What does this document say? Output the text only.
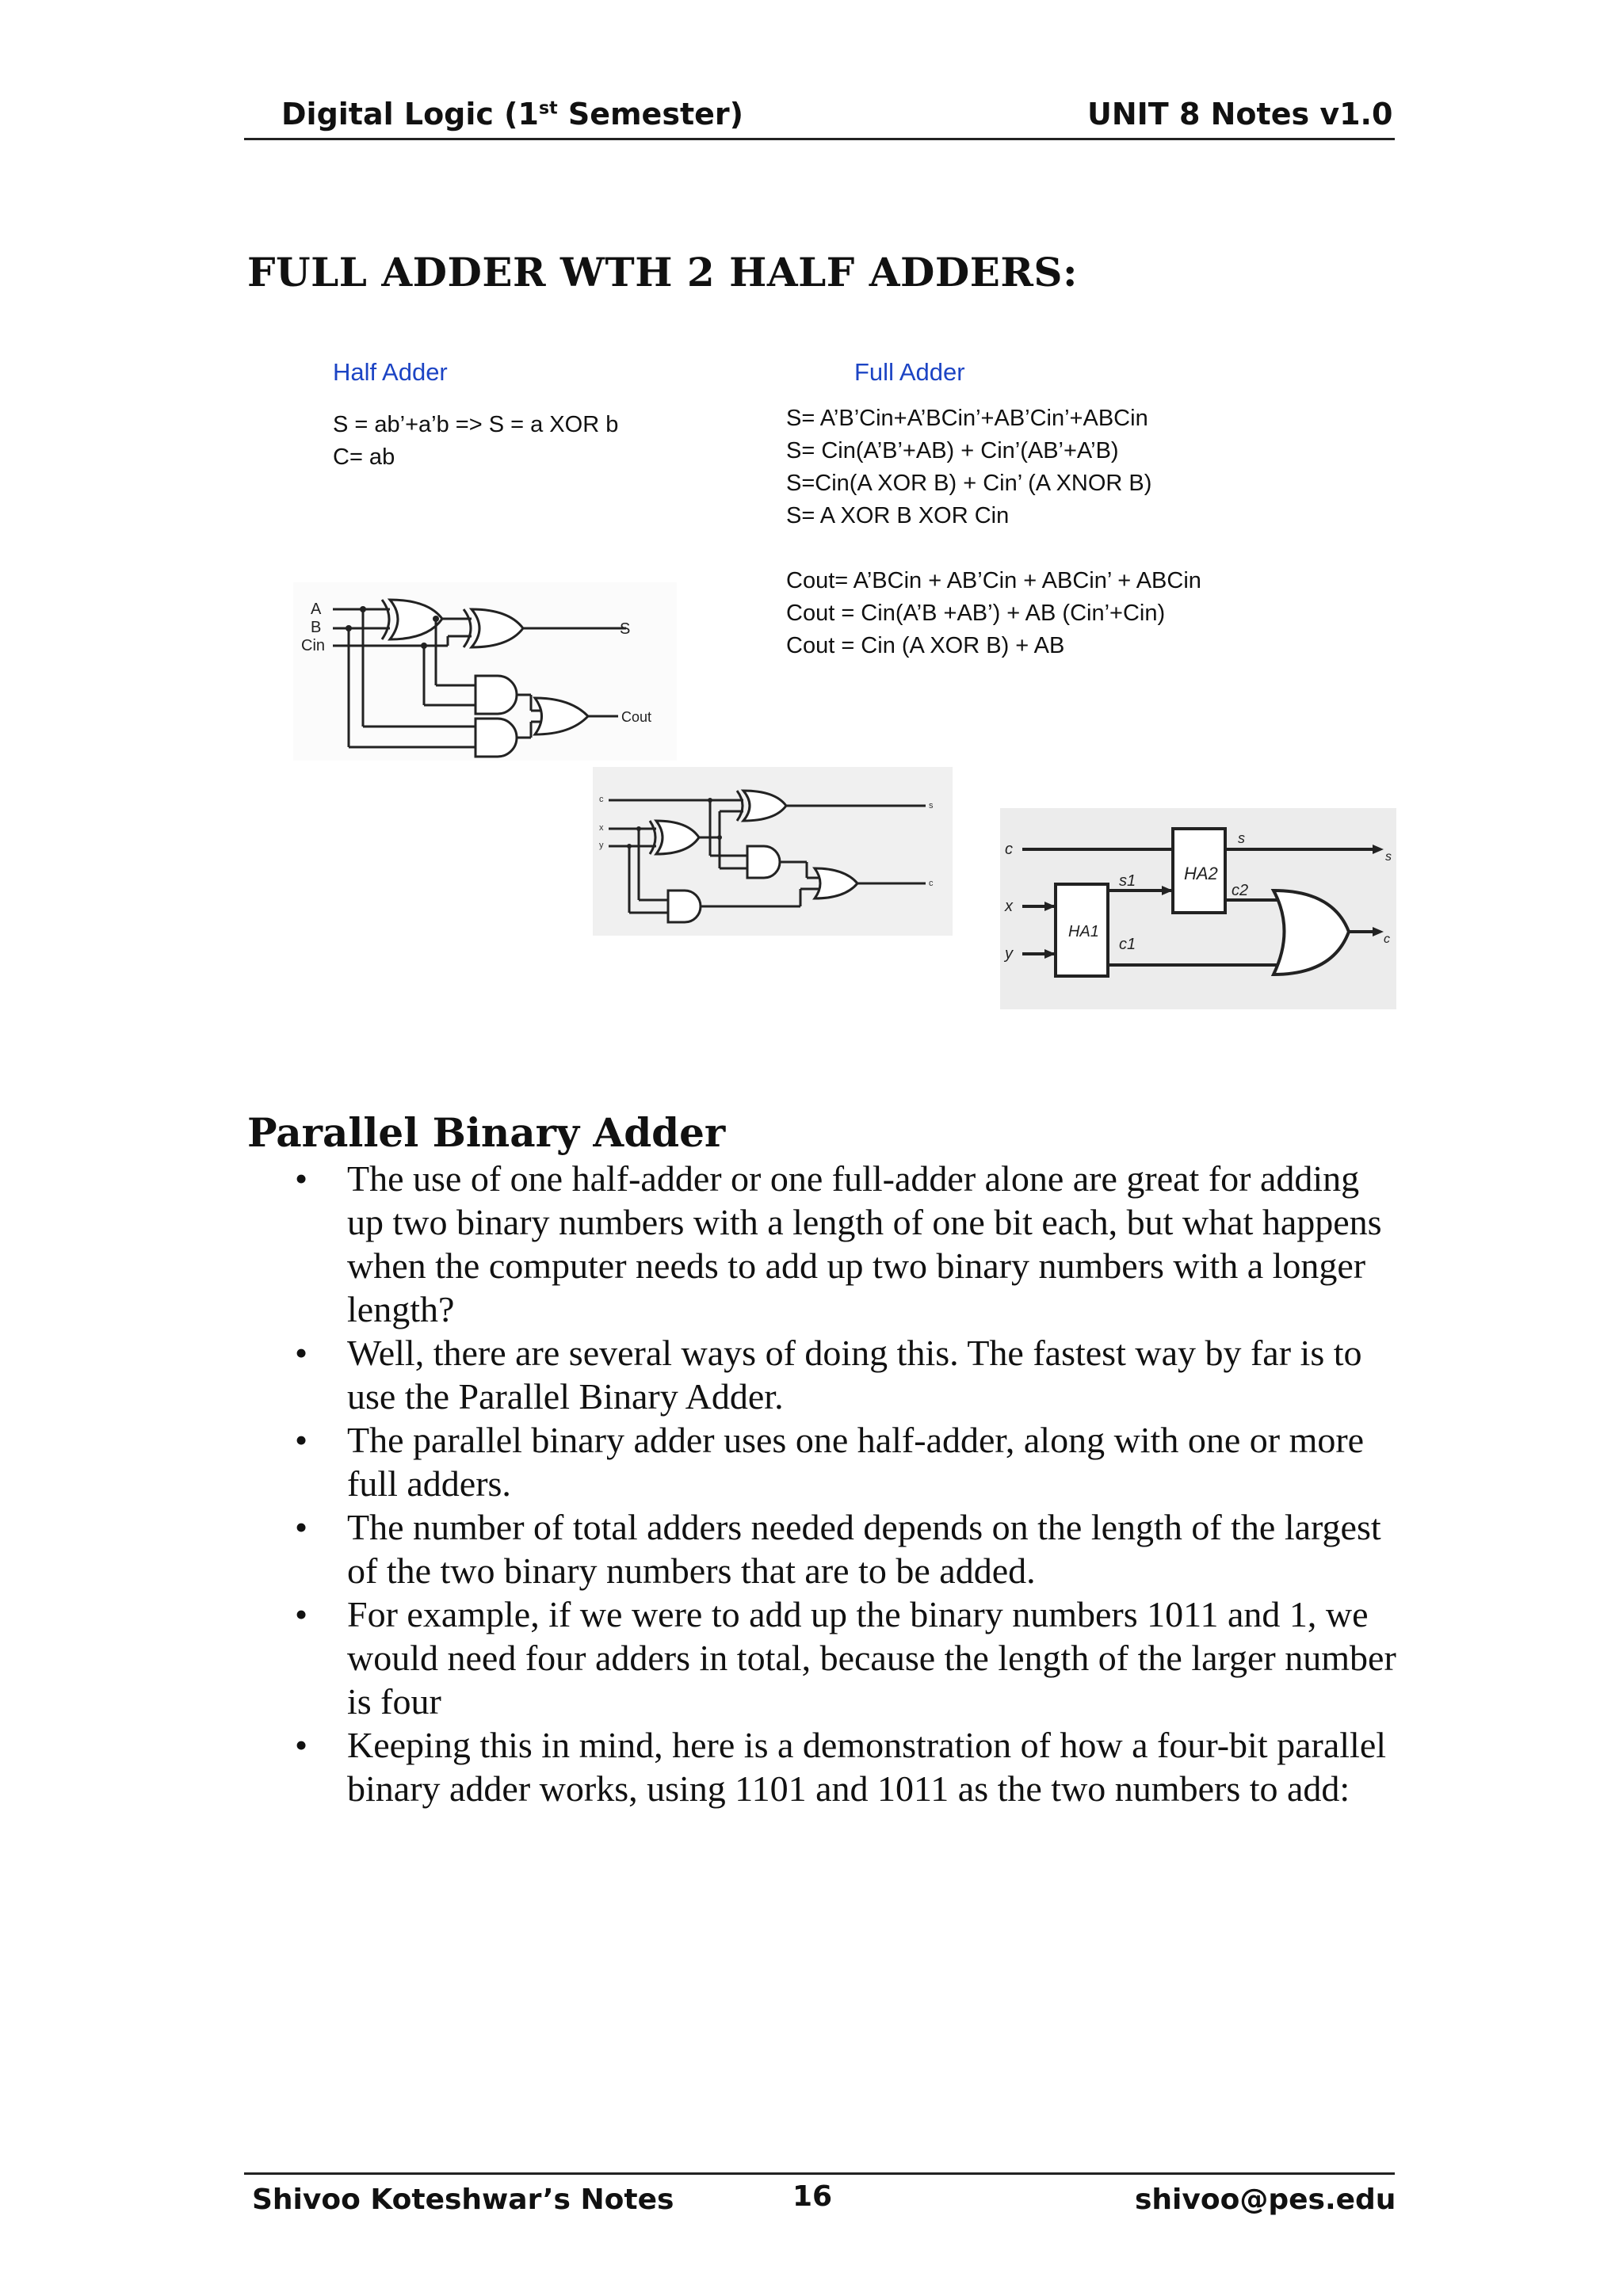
Digital Logic (1st Semester)	UNIT 8 Notes v1.0
FULL ADDER WTH 2 HALF ADDERS:
Half Adder
S = ab’+a’b => S = a XOR b
C= ab
Full Adder
S= A’B’Cin+A’BCin’+AB’Cin’+ABCin
S= Cin(A’B’+AB) + Cin’(AB’+A’B)
S=Cin(A XOR B) + Cin’ (A XNOR B)
S= A XOR B XOR Cin
Cout= A’BCin + AB’Cin + ABCin’ + ABCin
Cout = Cin(A’B +AB’) + AB (Cin’+Cin)
Cout = Cin (A XOR B) + AB
A
B
Cin
S
Cout
c
x
y
s
c
c
x
y
HA1
HA2
s1
c1
c2
s
s
c
Parallel Binary Adder
• The use of one half-adder or one full-adder alone are great for adding up two binary numbers with a length of one bit each, but what happens when the computer needs to add up two binary numbers with a longer length?
• Well, there are several ways of doing this. The fastest way by far is to use the Parallel Binary Adder.
• The parallel binary adder uses one half-adder, along with one or more full adders.
• The number of total adders needed depends on the length of the largest of the two binary numbers that are to be added.
• For example, if we were to add up the binary numbers 1011 and 1, we would need four adders in total, because the length of the larger number is four
• Keeping this in mind, here is a demonstration of how a four-bit parallel binary adder works, using 1101 and 1011 as the two numbers to add:
Shivoo Koteshwar’s Notes	16	shivoo@pes.edu
